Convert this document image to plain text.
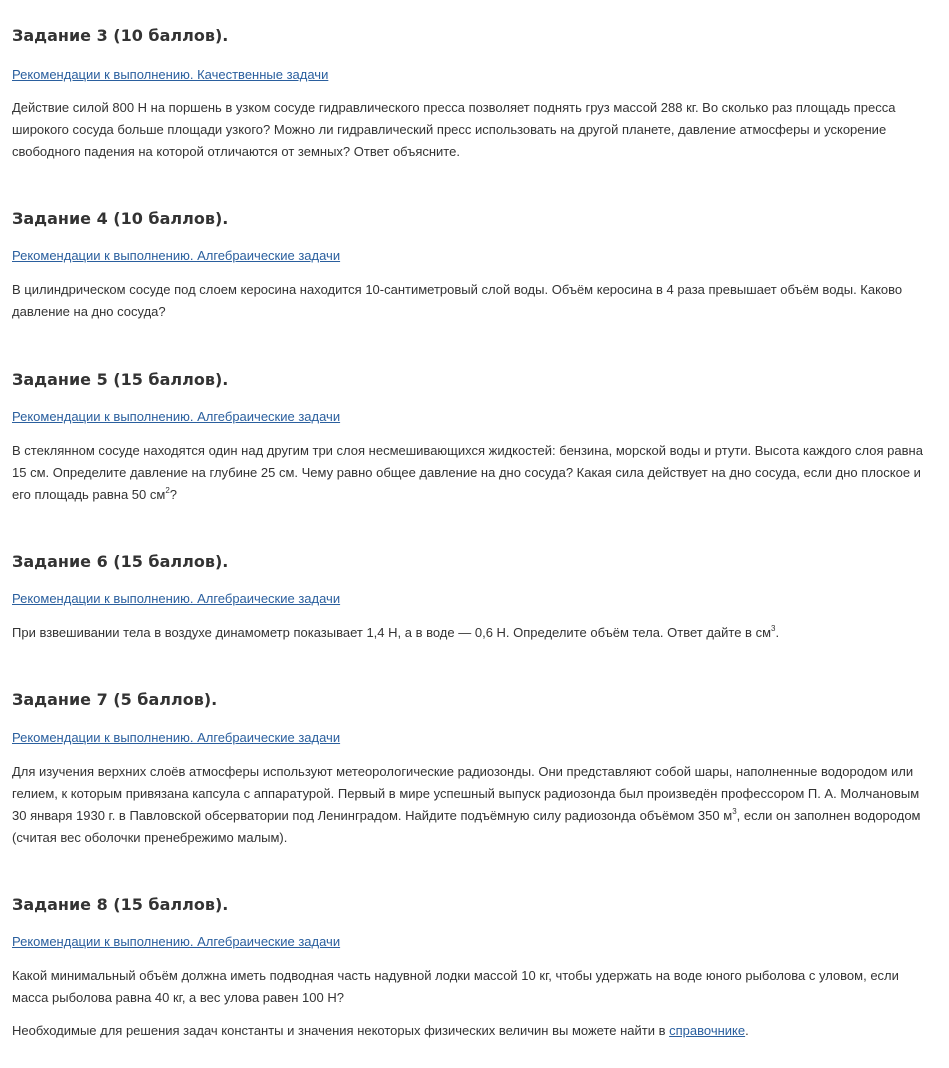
Задание 3 (10 баллов).
Рекомендации к выполнению. Качественные задачи

Действие силой 800 Н на поршень в узком сосуде гидравлического пресса позволяет поднять груз массой 288 кг. Во сколько раз площадь пресса широкого сосуда больше площади узкого? Можно ли гидравлический пресс использовать на другой планете, давление атмосферы и ускорение свободного падения на которой отличаются от земных? Ответ объясните.

Задание 4 (10 баллов).
Рекомендации к выполнению. Алгебраические задачи

В цилиндрическом сосуде под слоем керосина находится 10-сантиметровый слой воды. Объём керосина в 4 раза превышает объём воды. Каково давление на дно сосуда?

Задание 5 (15 баллов).
Рекомендации к выполнению. Алгебраические задачи

В стеклянном сосуде находятся один над другим три слоя несмешивающихся жидкостей: бензина, морской воды и ртути. Высота каждого слоя равна 15 см. Определите давление на глубине 25 см. Чему равно общее давление на дно сосуда? Какая сила действует на дно сосуда, если дно плоское и его площадь равна 50 $см^2$?

Задание 6 (15 баллов).
Рекомендации к выполнению. Алгебраические задачи

При взвешивании тела в воздухе динамометр показывает 1,4 Н, а в воде — 0,6 Н. Определите объём тела. Ответ дайте в $см^3$.

Задание 7 (5 баллов).
Рекомендации к выполнению. Алгебраические задачи

Для изучения верхних слоёв атмосферы используют метеорологические радиозонды. Они представляют собой шары, наполненные водородом или гелием, к которым привязана капсула с аппаратурой. Первый в мире успешный выпуск радиозонда был произведён профессором П. А. Молчановым 30 января 1930 г. в Павловской обсерватории под Ленинградом. Найдите подъёмную силу радиозонда объёмом 350 $м^3$, если он заполнен водородом (считая вес оболочки пренебрежимо малым).

Задание 8 (15 баллов).
Рекомендации к выполнению. Алгебраические задачи

Какой минимальный объём должна иметь подводная часть надувной лодки массой 10 кг, чтобы удержать на воде юного рыболова с уловом, если масса рыболова равна 40 кг, а вес улова равен 100 Н?

Необходимые для решения задач константы и значения некоторых физических величин вы можете найти в справочнике.
